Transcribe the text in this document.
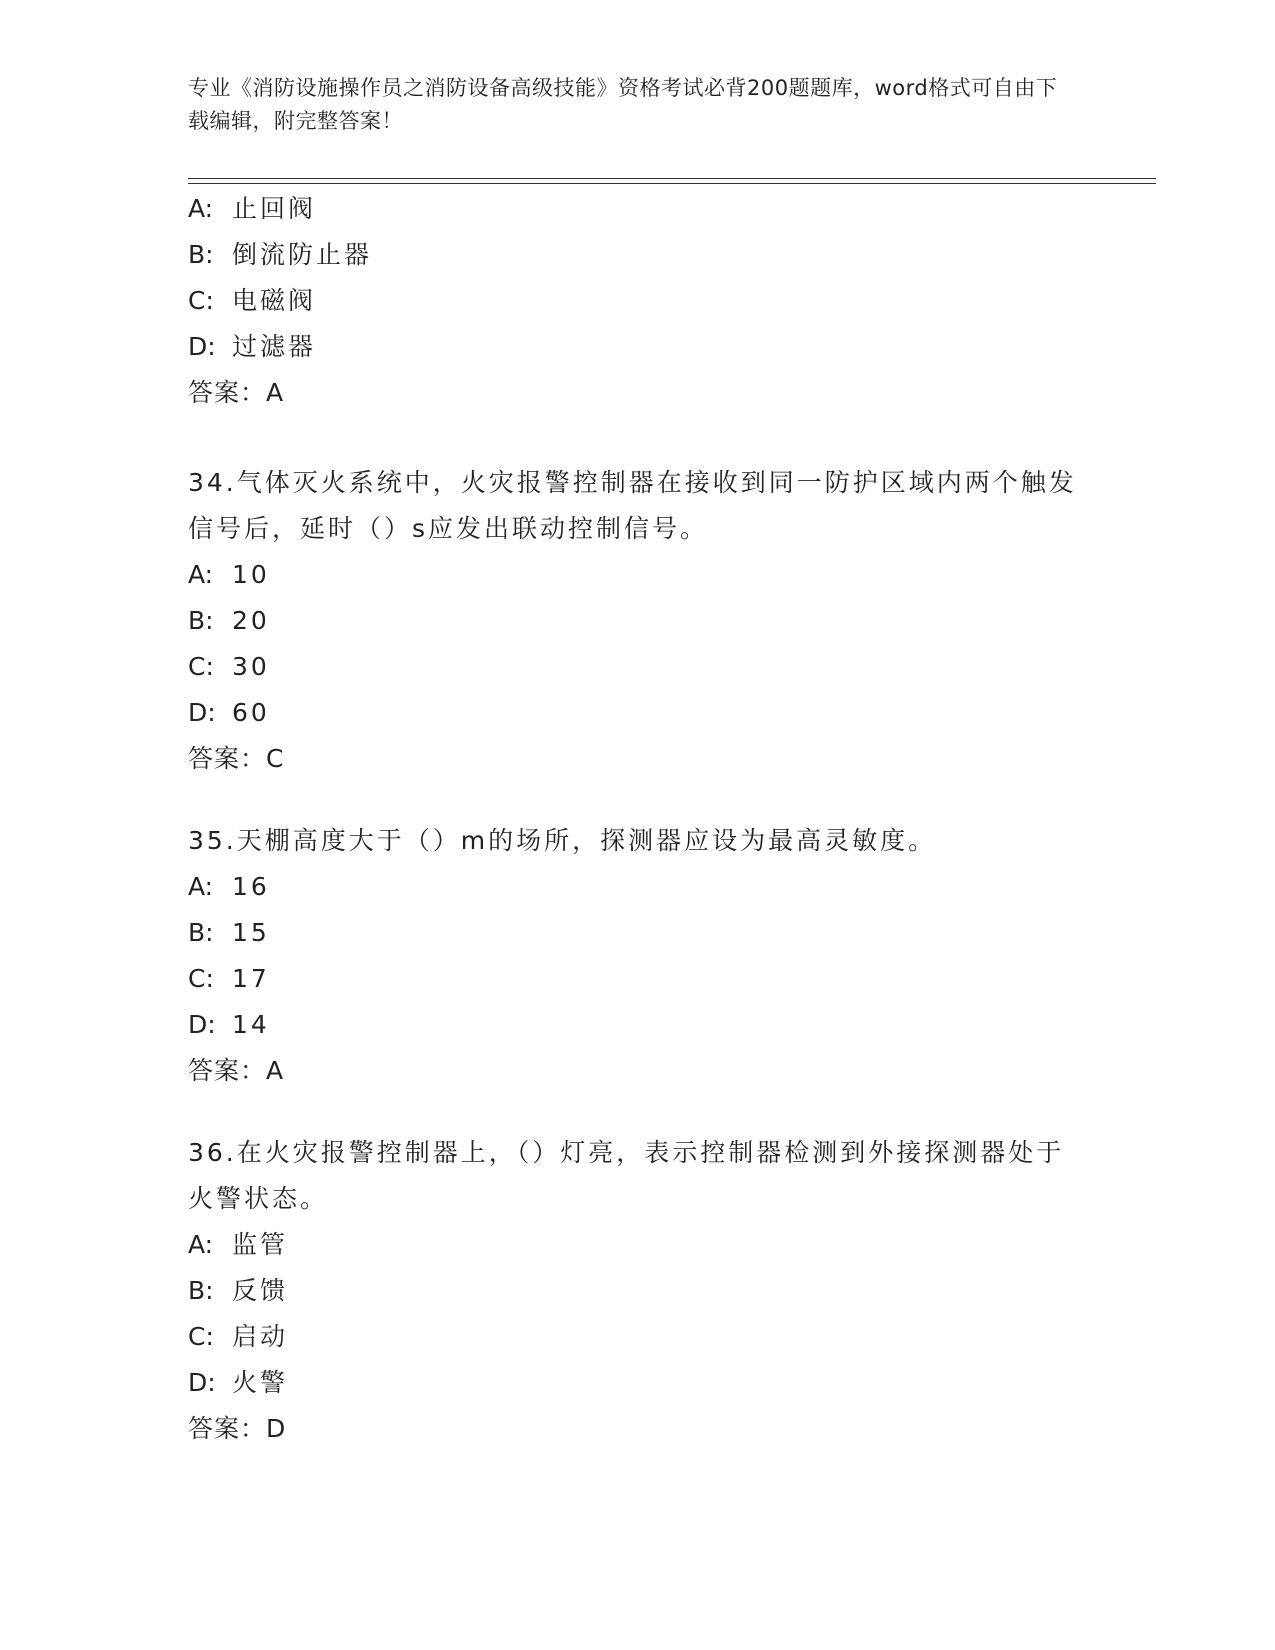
专业《消防设施操作员之消防设备高级技能》资格考试必背200题题库，word格式可自由下载编辑，附完整答案！
A: 止回阀
B: 倒流防止器
C: 电磁阀
D: 过滤器
答案：A
34.气体灭火系统中，火灾报警控制器在接收到同一防护区域内两个触发信号后，延时（）s应发出联动控制信号。
A: 10
B: 20
C: 30
D: 60
答案：C
35.天棚高度大于（）m的场所，探测器应设为最高灵敏度。
A: 16
B: 15
C: 17
D: 14
答案：A
36.在火灾报警控制器上，（）灯亮，表示控制器检测到外接探测器处于火警状态。
A: 监管
B: 反馈
C: 启动
D: 火警
答案：D
